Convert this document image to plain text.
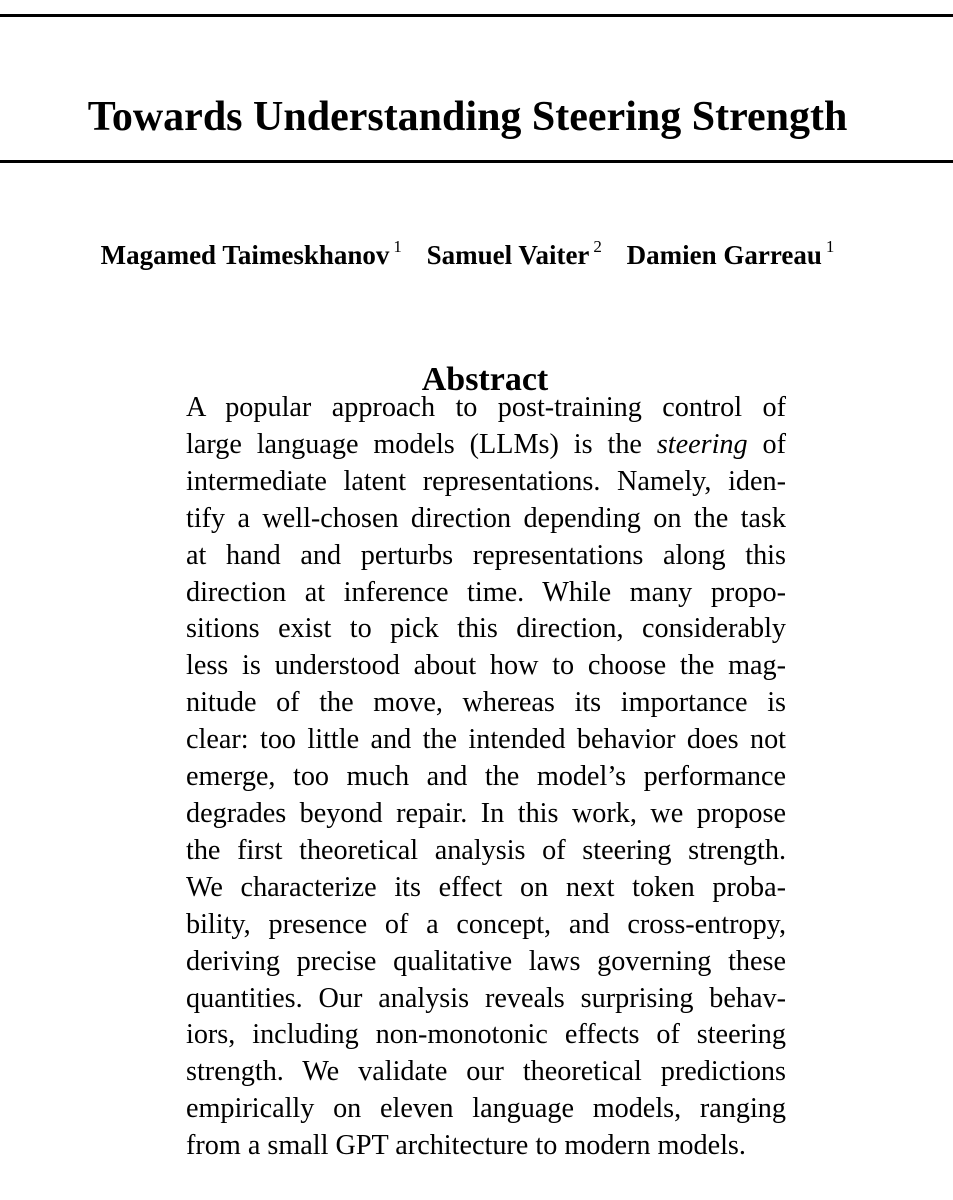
Towards Understanding Steering Strength
Magamed Taimeskhanov $^1$ Samuel Vaiter $^2$ Damien Garreau $^1$
Abstract
A popular approach to post-training control of
large language models (LLMs) is the steering of
intermediate latent representations. Namely, iden-
tify a well-chosen direction depending on the task
at hand and perturbs representations along this
direction at inference time. While many propo-
sitions exist to pick this direction, considerably
less is understood about how to choose the mag-
nitude of the move, whereas its importance is
clear: too little and the intended behavior does not
emerge, too much and the model’s performance
degrades beyond repair. In this work, we propose
the first theoretical analysis of steering strength.
We characterize its effect on next token proba-
bility, presence of a concept, and cross-entropy,
deriving precise qualitative laws governing these
quantities. Our analysis reveals surprising behav-
iors, including non-monotonic effects of steering
strength. We validate our theoretical predictions
empirically on eleven language models, ranging
from a small GPT architecture to modern models.
